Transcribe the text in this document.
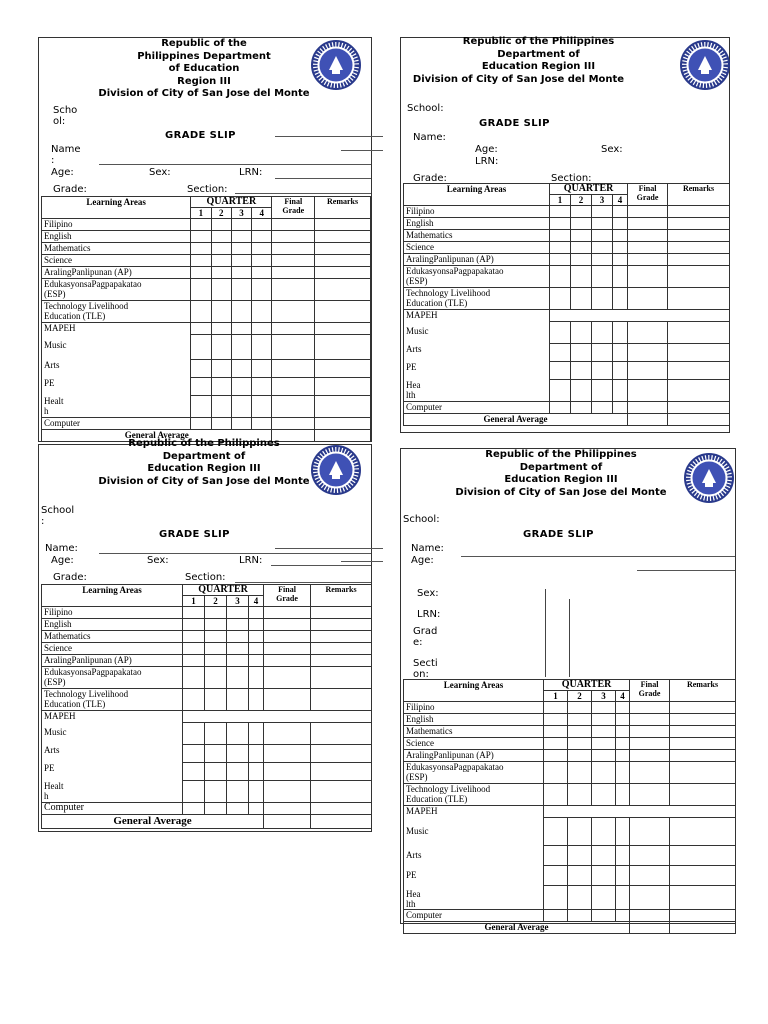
Republic of the
Philippines Department
of Education
Region III
Division of City of San Jose del Monte
Scho
ol:
GRADE SLIP
Name
:
Age:	Sex:	LRN:
Grade:	Section:
Learning Areas	QUARTER				Final
Grade	Remarks
	1	2	3	4		
Filipino						
English						
Mathematics						
Science						
AralingPanlipunan (AP)						
EdukasyonsaPagpapakatao
(ESP)						
Technology Livelihood
Education (TLE)						
MAPEH						
Music						
Arts						
PE						
Healt
h						
Computer						
General Average						
Republic of the Philippines
Department of
Education Region III
Division of City of San Jose del Monte
School:
GRADE SLIP
Name:
Age:	Sex:
LRN:
Grade:	Section:
Learning Areas	QUARTER				Final
Grade	Remarks
	1	2	3	4		
Filipino						
English						
Mathematics						
Science						
AralingPanlipunan (AP)						
EdukasyonsaPagpapakatao
(ESP)						
Technology Livelihood
Education (TLE)						
MAPEH						
Music						
Arts						
PE						
Hea
lth						
Computer						
General Average						
Republic of the Philippines
Department of
Education Region III
Division of City of San Jose del Monte
School
:
GRADE SLIP
Name:
Age:	Sex:	LRN:
Grade:	Section:
Learning Areas	QUARTER				Final
Grade	Remarks
	1	2	3	4		
Filipino						
English						
Mathematics						
Science						
AralingPanlipunan (AP)						
EdukasyonsaPagpapakatao
(ESP)						
Technology Livelihood
Education (TLE)						
MAPEH						
Music						
Arts						
PE						
Healt
h						
Computer						
General Average						
Republic of the Philippines
Department of
Education Region III
Division of City of San Jose del Monte
School:
GRADE SLIP
Name:
Age:
Sex:
LRN:
Grad
e:
Secti
on:
Learning Areas	QUARTER				Final
Grade	Remarks
	1	2	3	4		
Filipino						
English						
Mathematics						
Science						
AralingPanlipunan (AP)						
EdukasyonsaPagpapakatao
(ESP)						
Technology Livelihood
Education (TLE)						
MAPEH						
Music						
Arts						
PE						
Hea
lth						
Computer						
General Average						
